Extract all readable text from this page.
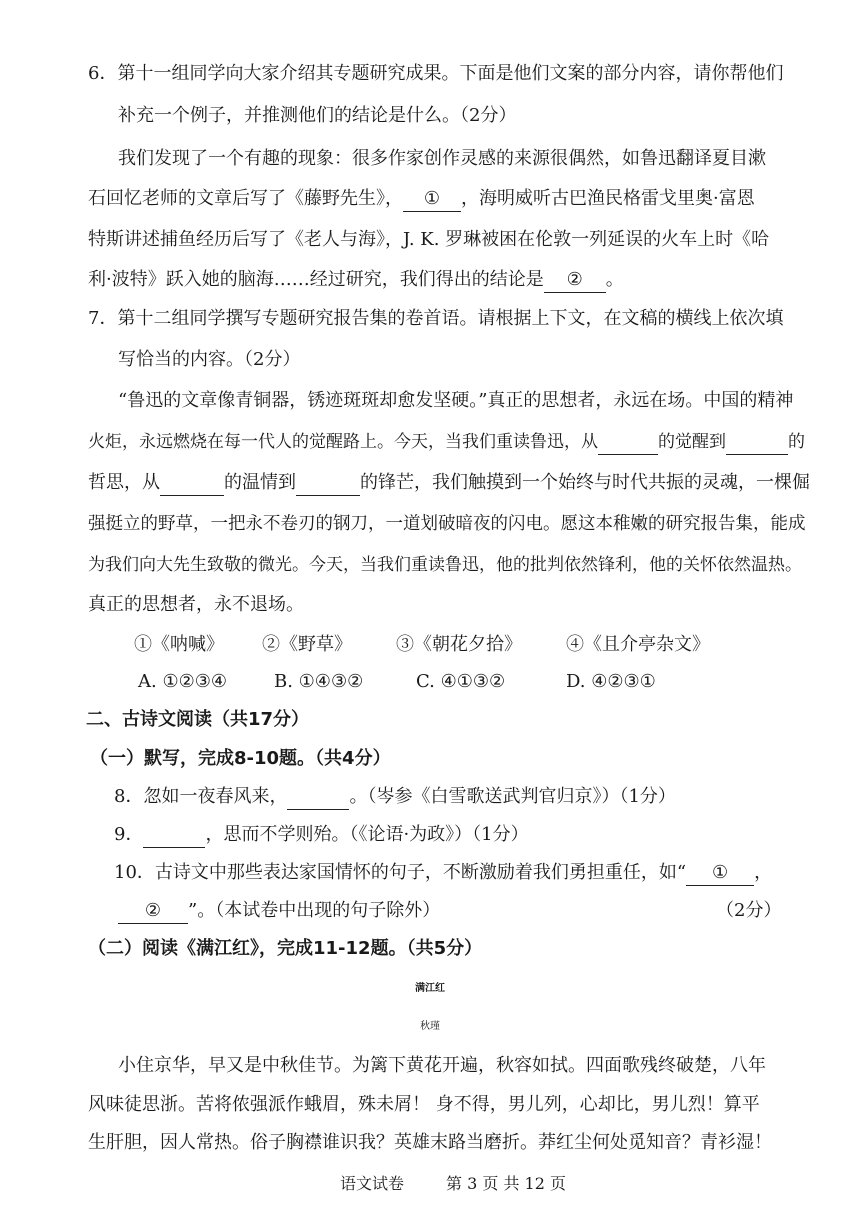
6．第十一组同学向大家介绍其专题研究成果。下面是他们文案的部分内容，请你帮他们
补充一个例子，并推测他们的结论是什么。（2分）
我们发现了一个有趣的现象：很多作家创作灵感的来源很偶然，如鲁迅翻译夏目漱
石回忆老师的文章后写了《藤野先生》， ① ，海明威听古巴渔民格雷戈里奥·富恩
特斯讲述捕鱼经历后写了《老人与海》，J. K. 罗琳被困在伦敦一列延误的火车上时《哈
利·波特》跃入她的脑海……经过研究，我们得出的结论是 ② 。
7．第十二组同学撰写专题研究报告集的卷首语。请根据上下文，在文稿的横线上依次填
写恰当的内容。（2分）
“鲁迅的文章像青铜器，锈迹斑斑却愈发坚硬。”真正的思想者，永远在场。中国的精神
火炬，永远燃烧在每一代人的觉醒路上。今天，当我们重读鲁迅，从	的觉醒到	的
哲思，从	的温情到	的锋芒，我们触摸到一个始终与时代共振的灵魂，一棵倔
强挺立的野草，一把永不卷刃的钢刀，一道划破暗夜的闪电。愿这本稚嫩的研究报告集，能成
为我们向大先生致敬的微光。今天，当我们重读鲁迅，他的批判依然锋利，他的关怀依然温热。
真正的思想者，永不退场。
①《呐喊》 ②《野草》 ③《朝花夕拾》 ④《且介亭杂文》
A. ①②③④	B. ①④③②	C. ④①③②	D. ④②③①
二、古诗文阅读（共17分）
（一）默写，完成8-10题。（共4分）
8．忽如一夜春风来，	。（岑参《白雪歌送武判官归京》）（1分）
9．	，思而不学则殆。（《论语·为政》）（1分）
10．古诗文中那些表达家国情怀的句子，不断激励着我们勇担重任，如“ ① ，
② ”。（本试卷中出现的句子除外）	（2分）
（二）阅读《满江红》，完成11-12题。（共5分）
满江红
秋瑾
小住京华，早又是中秋佳节。为篱下黄花开遍，秋容如拭。四面歌残终破楚，八年
风味徒思浙。苦将侬强派作蛾眉，殊未屑！ 身不得，男儿列，心却比，男儿烈！算平
生肝胆，因人常热。俗子胸襟谁识我？英雄末路当磨折。莽红尘何处觅知音？青衫湿！
语文试卷	第 3 页 共 12 页
